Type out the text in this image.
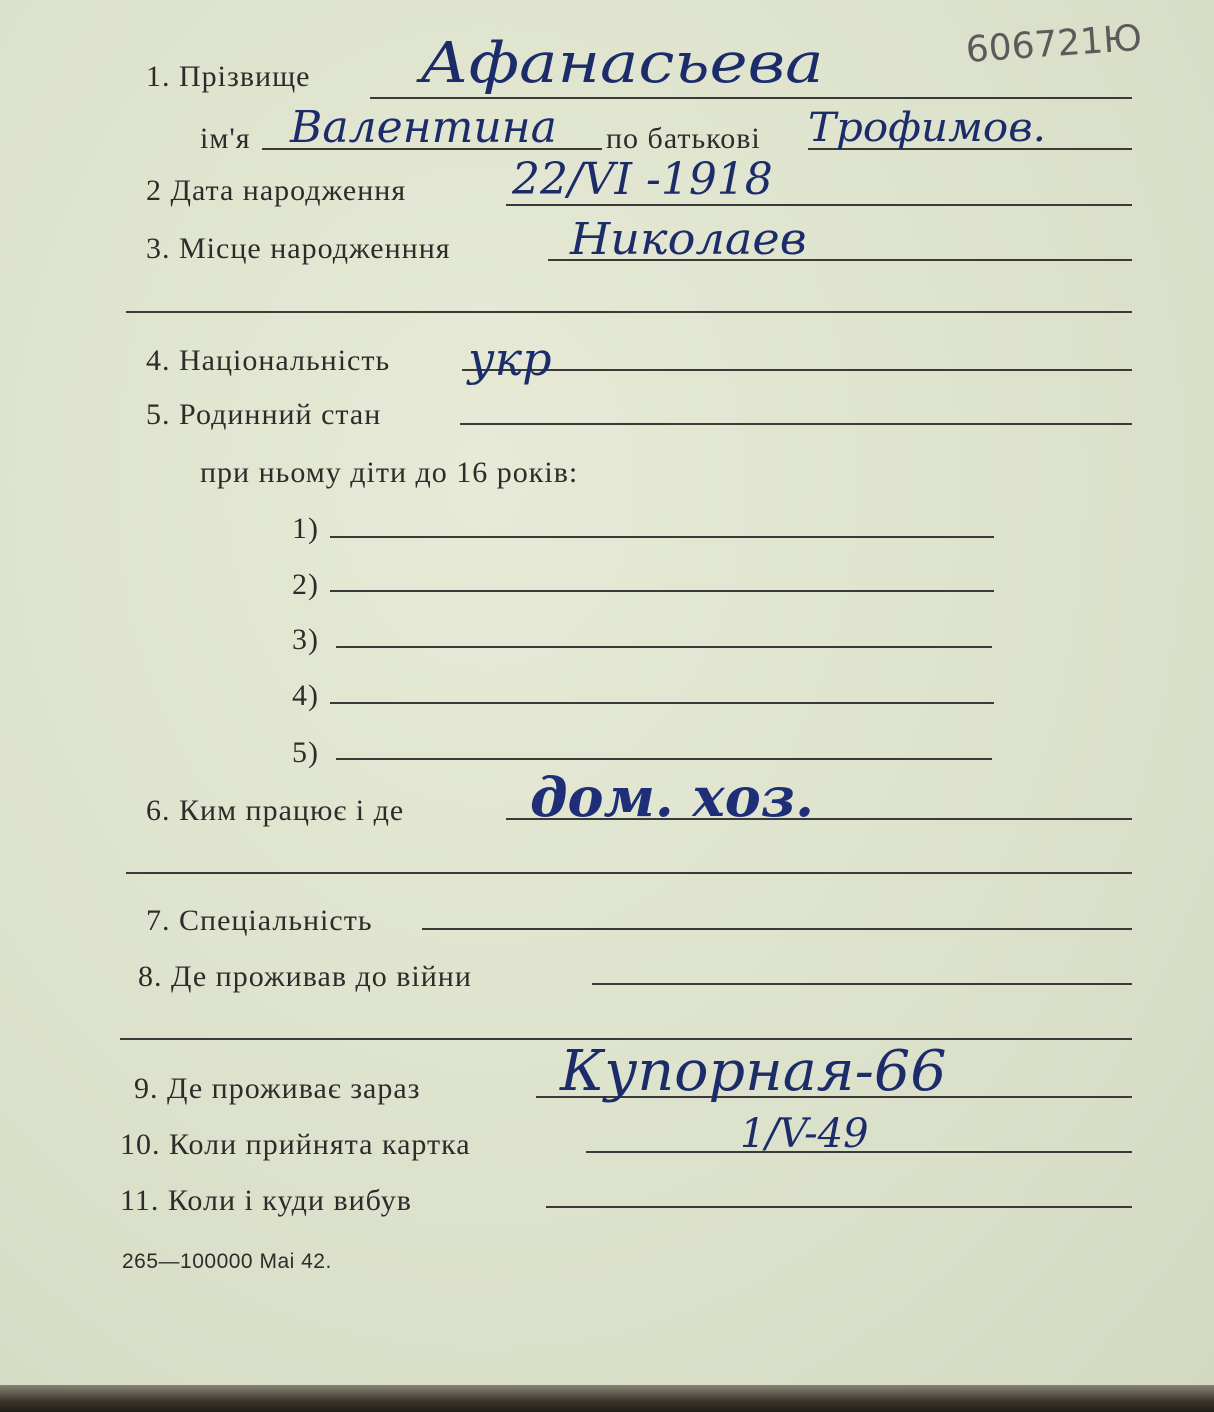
606721Ю
1. Прізвище Афанасьева
ім'я Валентина по батькові Трофимов.
2 Дата народження 22/VI -1918
3. Місце народженння	Николаев
4. Національність укр
5. Родинний стан
при ньому діти до 16 років:
1)
2)
3)
4)
5)
6. Ким працює і де дом. хоз.
7. Спеціальність
8. Де проживав до війни
9. Де проживає зараз Купорная-66
10. Коли прийнята картка	1/V-49
11. Коли і куди вибув
265—100000 Mai 42.
